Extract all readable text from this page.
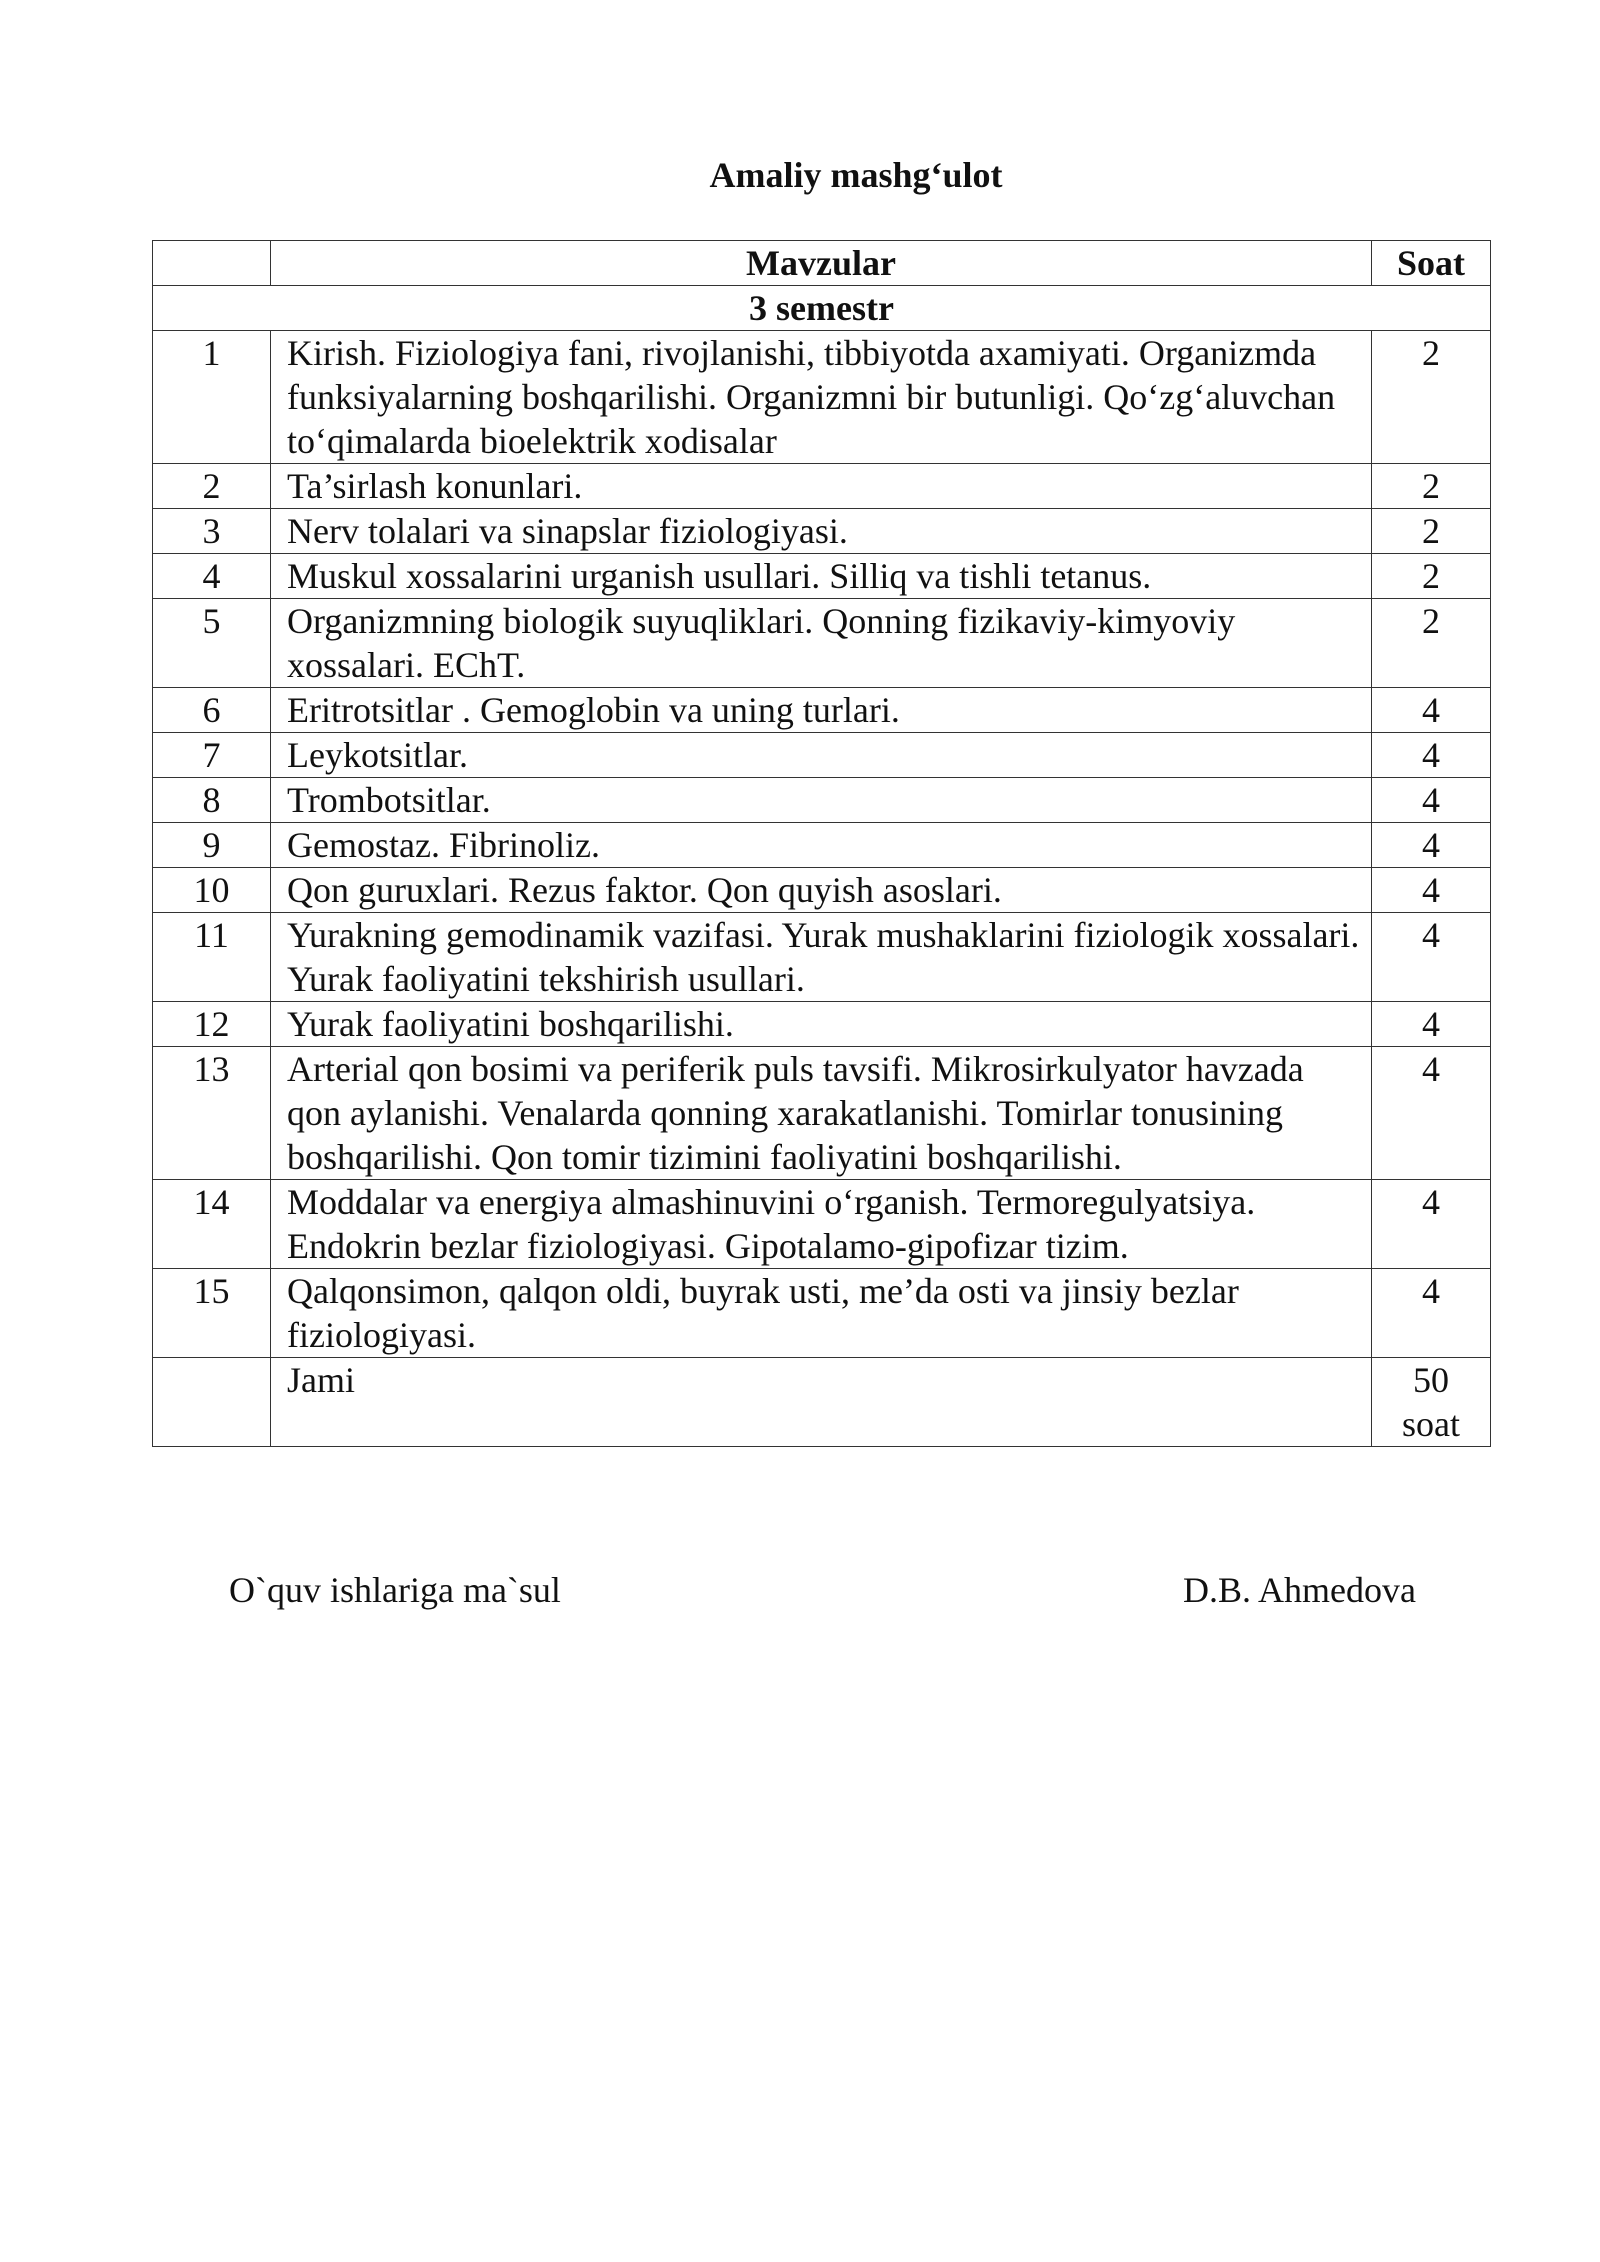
Amaliy mashg‘ulot
	Mavzular	Soat
3 semestr		
1	Kirish. Fiziologiya fani, rivojlanishi, tibbiyotda axamiyati. Organizmda funksiyalarning boshqarilishi. Organizmni bir butunligi. Qo‘zg‘aluvchan to‘qimalarda bioelektrik xodisalar	2
2	Ta’sirlash konunlari.	2
3	Nerv tolalari va sinapslar fiziologiyasi.	2
4	Muskul xossalarini urganish usullari. Silliq va tishli tetanus.	2
5	Organizmning biologik suyuqliklari. Qonning fizikaviy-kimyoviy xossalari. EChT.	2
6	Eritrotsitlar . Gemoglobin va uning turlari.	4
7	Leykotsitlar.	4
8	Trombotsitlar.	4
9	Gemostaz. Fibrinoliz.	4
10	Qon guruxlari. Rezus faktor. Qon quyish asoslari.	4
11	Yurakning gemodinamik vazifasi. Yurak mushaklarini fiziologik xossalari. Yurak faoliyatini tekshirish usullari.	4
12	Yurak faoliyatini boshqarilishi.	4
13	Arterial qon bosimi va periferik puls tavsifi. Mikrosirkulyator havzada qon aylanishi. Venalarda qonning xarakatlanishi. Tomirlar tonusining boshqarilishi. Qon tomir tizimini faoliyatini boshqarilishi.	4
14	Moddalar va energiya almashinuvini o‘rganish. Termoregulyatsiya. Endokrin bezlar fiziologiyasi. Gipotalamo-gipofizar tizim.	4
15	Qalqonsimon, qalqon oldi, buyrak usti, me’da osti va jinsiy bezlar fiziologiyasi.	4
	Jami	50
soat
O`quv ishlariga ma`sul	D.B. Ahmedova
